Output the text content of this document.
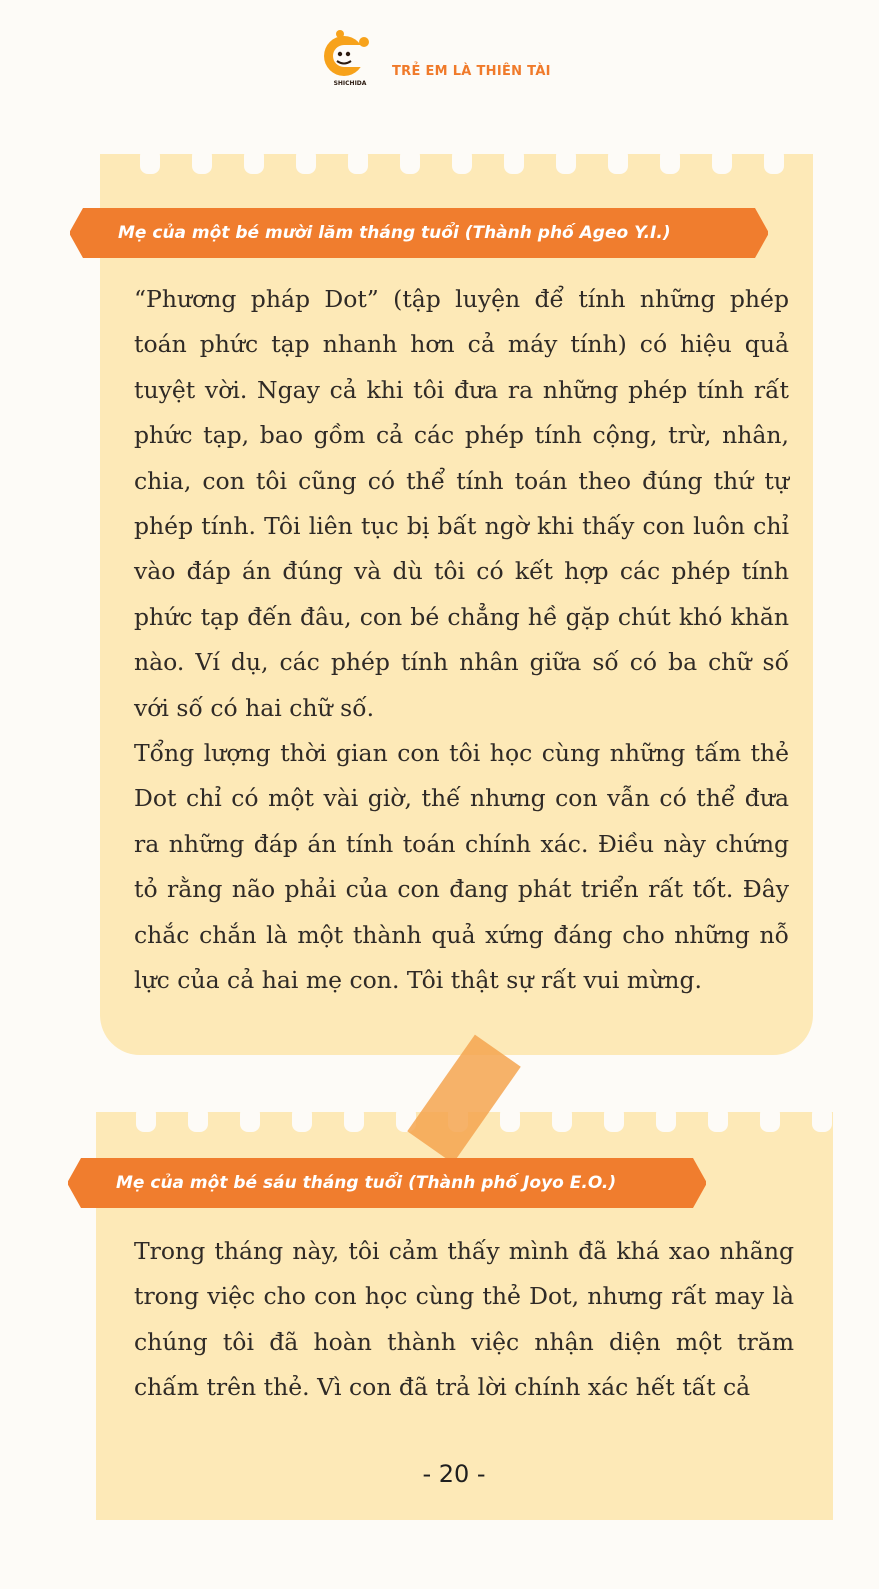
SHICHIDA
TRẺ EM LÀ THIÊN TÀI
Mẹ của một bé mười lăm tháng tuổi (Thành phố Ageo Y.I.)

“Phương pháp Dot” (tập luyện để tính những phép toán phức tạp nhanh hơn cả máy tính) có hiệu quả tuyệt vời. Ngay cả khi tôi đưa ra những phép tính rất phức tạp, bao gồm cả các phép tính cộng, trừ, nhân, chia, con tôi cũng có thể tính toán theo đúng thứ tự phép tính. Tôi liên tục bị bất ngờ khi thấy con luôn chỉ vào đáp án đúng và dù tôi có kết hợp các phép tính phức tạp đến đâu, con bé chẳng hề gặp chút khó khăn nào. Ví dụ, các phép tính nhân giữa số có ba chữ số với số có hai chữ số.

Tổng lượng thời gian con tôi học cùng những tấm thẻ Dot chỉ có một vài giờ, thế nhưng con vẫn có thể đưa ra những đáp án tính toán chính xác. Điều này chứng tỏ rằng não phải của con đang phát triển rất tốt. Đây chắc chắn là một thành quả xứng đáng cho những nỗ lực của cả hai mẹ con. Tôi thật sự rất vui mừng.

Mẹ của một bé sáu tháng tuổi (Thành phố Joyo E.O.)

Trong tháng này, tôi cảm thấy mình đã khá xao nhãng trong việc cho con học cùng thẻ Dot, nhưng rất may là chúng tôi đã hoàn thành việc nhận diện một trăm chấm trên thẻ. Vì con đã trả lời chính xác hết tất cả

- 20 -
